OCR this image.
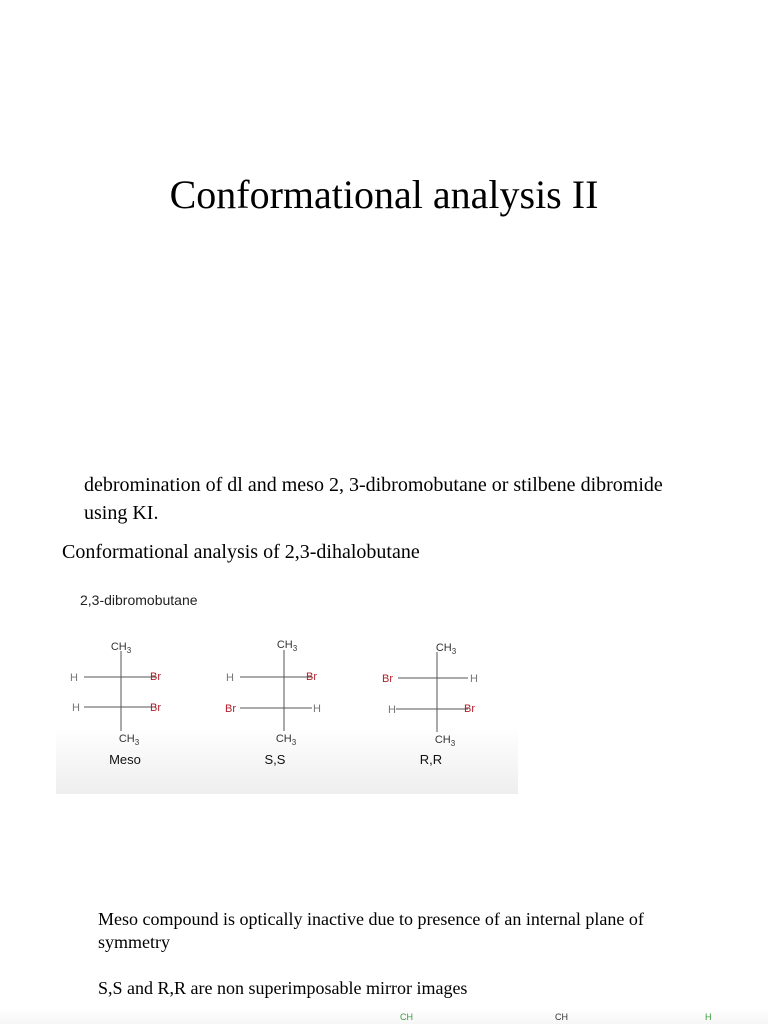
Conformational analysis II
debromination of dl and meso 2, 3-dibromobutane or stilbene dibromide using KI.
Conformational analysis of 2,3-dihalobutane
2,3-dibromobutane
$CH_3$
H	Br
H	Br
$CH_3$
Meso
$CH_3$
H	Br
Br	H
$CH_3$
S,S
$CH_3$
Br	H
H	Br
$CH_3$
R,R
Meso compound is optically inactive due to presence of an internal plane of symmetry
S,S and R,R are non superimposable mirror images
CH	CH	H
